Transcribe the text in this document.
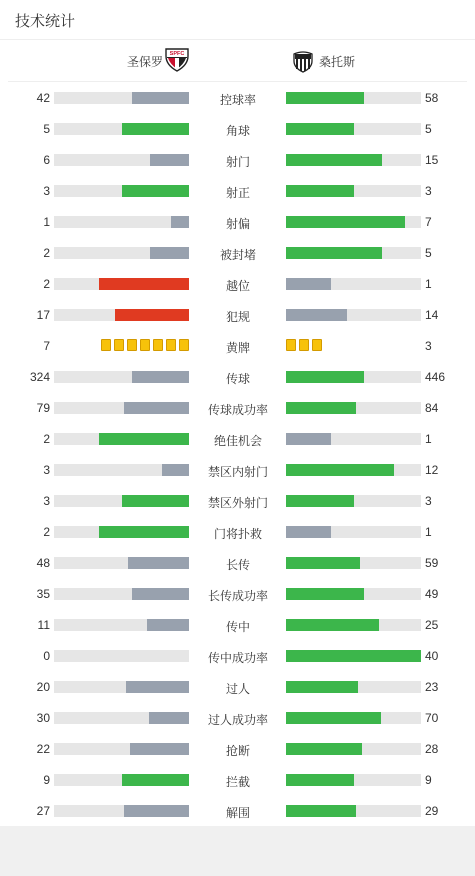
技术统计
圣保罗
SPFC
桑托斯
42	控球率	58
5	角球	5
6	射门	15
3	射正	3
1	射偏	7
2	被封堵	5
2	越位	1
17	犯规	14
7	黄牌	3
324	传球	446
79	传球成功率	84
2	绝佳机会	1
3	禁区内射门	12
3	禁区外射门	3
2	门将扑救	1
48	长传	59
35	长传成功率	49
11	传中	25
0	传中成功率	40
20	过人	23
30	过人成功率	70
22	抢断	28
9	拦截	9
27	解围	29
